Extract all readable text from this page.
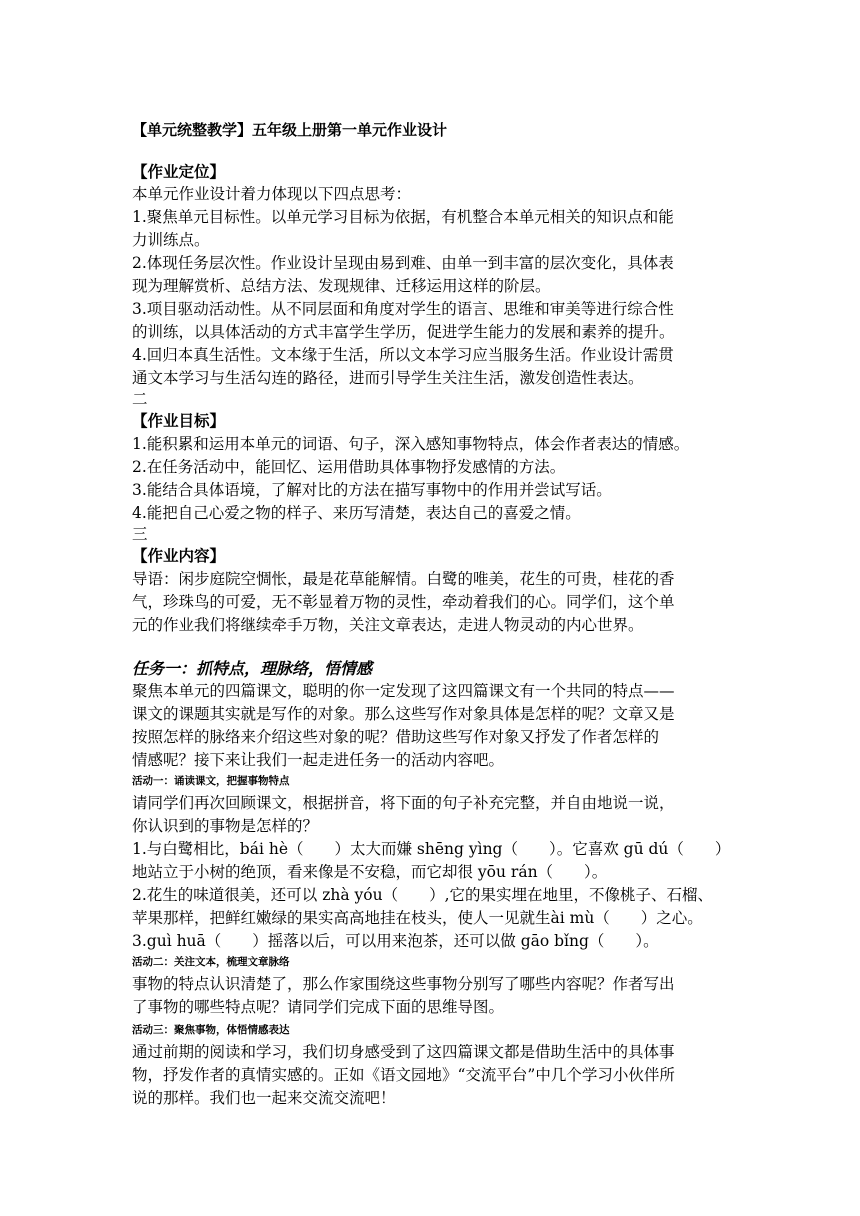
【单元统整教学】五年级上册第一单元作业设计
【作业定位】
本单元作业设计着力体现以下四点思考：
1.聚焦单元目标性。以单元学习目标为依据，有机整合本单元相关的知识点和能
力训练点。
2.体现任务层次性。作业设计呈现由易到难、由单一到丰富的层次变化，具体表
现为理解赏析、总结方法、发现规律、迁移运用这样的阶层。
3.项目驱动活动性。从不同层面和角度对学生的语言、思维和审美等进行综合性
的训练，以具体活动的方式丰富学生学历，促进学生能力的发展和素养的提升。
4.回归本真生活性。文本缘于生活，所以文本学习应当服务生活。作业设计需贯
通文本学习与生活勾连的路径，进而引导学生关注生活，激发创造性表达。
二
【作业目标】
1.能积累和运用本单元的词语、句子，深入感知事物特点，体会作者表达的情感。
2.在任务活动中，能回忆、运用借助具体事物抒发感情的方法。
3.能结合具体语境，了解对比的方法在描写事物中的作用并尝试写话。
4.能把自己心爱之物的样子、来历写清楚，表达自己的喜爱之情。
三
【作业内容】
导语：闲步庭院空惆怅，最是花草能解情。白鹭的唯美，花生的可贵，桂花的香
气，珍珠鸟的可爱，无不彰显着万物的灵性，牵动着我们的心。同学们，这个单
元的作业我们将继续牵手万物，关注文章表达，走进人物灵动的内心世界。
任务一：抓特点，理脉络，悟情感
聚焦本单元的四篇课文，聪明的你一定发现了这四篇课文有一个共同的特点——
课文的课题其实就是写作的对象。那么这些写作对象具体是怎样的呢？文章又是
按照怎样的脉络来介绍这些对象的呢？借助这些写作对象又抒发了作者怎样的
情感呢？接下来让我们一起走进任务一的活动内容吧。
活动一：诵读课文，把握事物特点
请同学们再次回顾课文，根据拼音，将下面的句子补充完整，并自由地说一说，
你认识到的事物是怎样的？
1.与白鹭相比，bái hè（　　）太大而嫌 shēng yìng（　　）。它喜欢 gū dú（　　）
地站立于小树的绝顶，看来像是不安稳，而它却很 yōu rán（　　）。
2.花生的味道很美，还可以 zhà yóu（　　）,它的果实埋在地里，不像桃子、石榴、
苹果那样，把鲜红嫩绿的果实高高地挂在枝头，使人一见就生ài mù（　　）之心。
3.guì huā（　　）摇落以后，可以用来泡茶，还可以做 gāo bǐng（　　）。
活动二：关注文本，梳理文章脉络
事物的特点认识清楚了，那么作家围绕这些事物分别写了哪些内容呢？作者写出
了事物的哪些特点呢？请同学们完成下面的思维导图。
活动三：聚焦事物，体悟情感表达
通过前期的阅读和学习，我们切身感受到了这四篇课文都是借助生活中的具体事
物，抒发作者的真情实感的。正如《语文园地》“交流平台”中几个学习小伙伴所
说的那样。我们也一起来交流交流吧！
